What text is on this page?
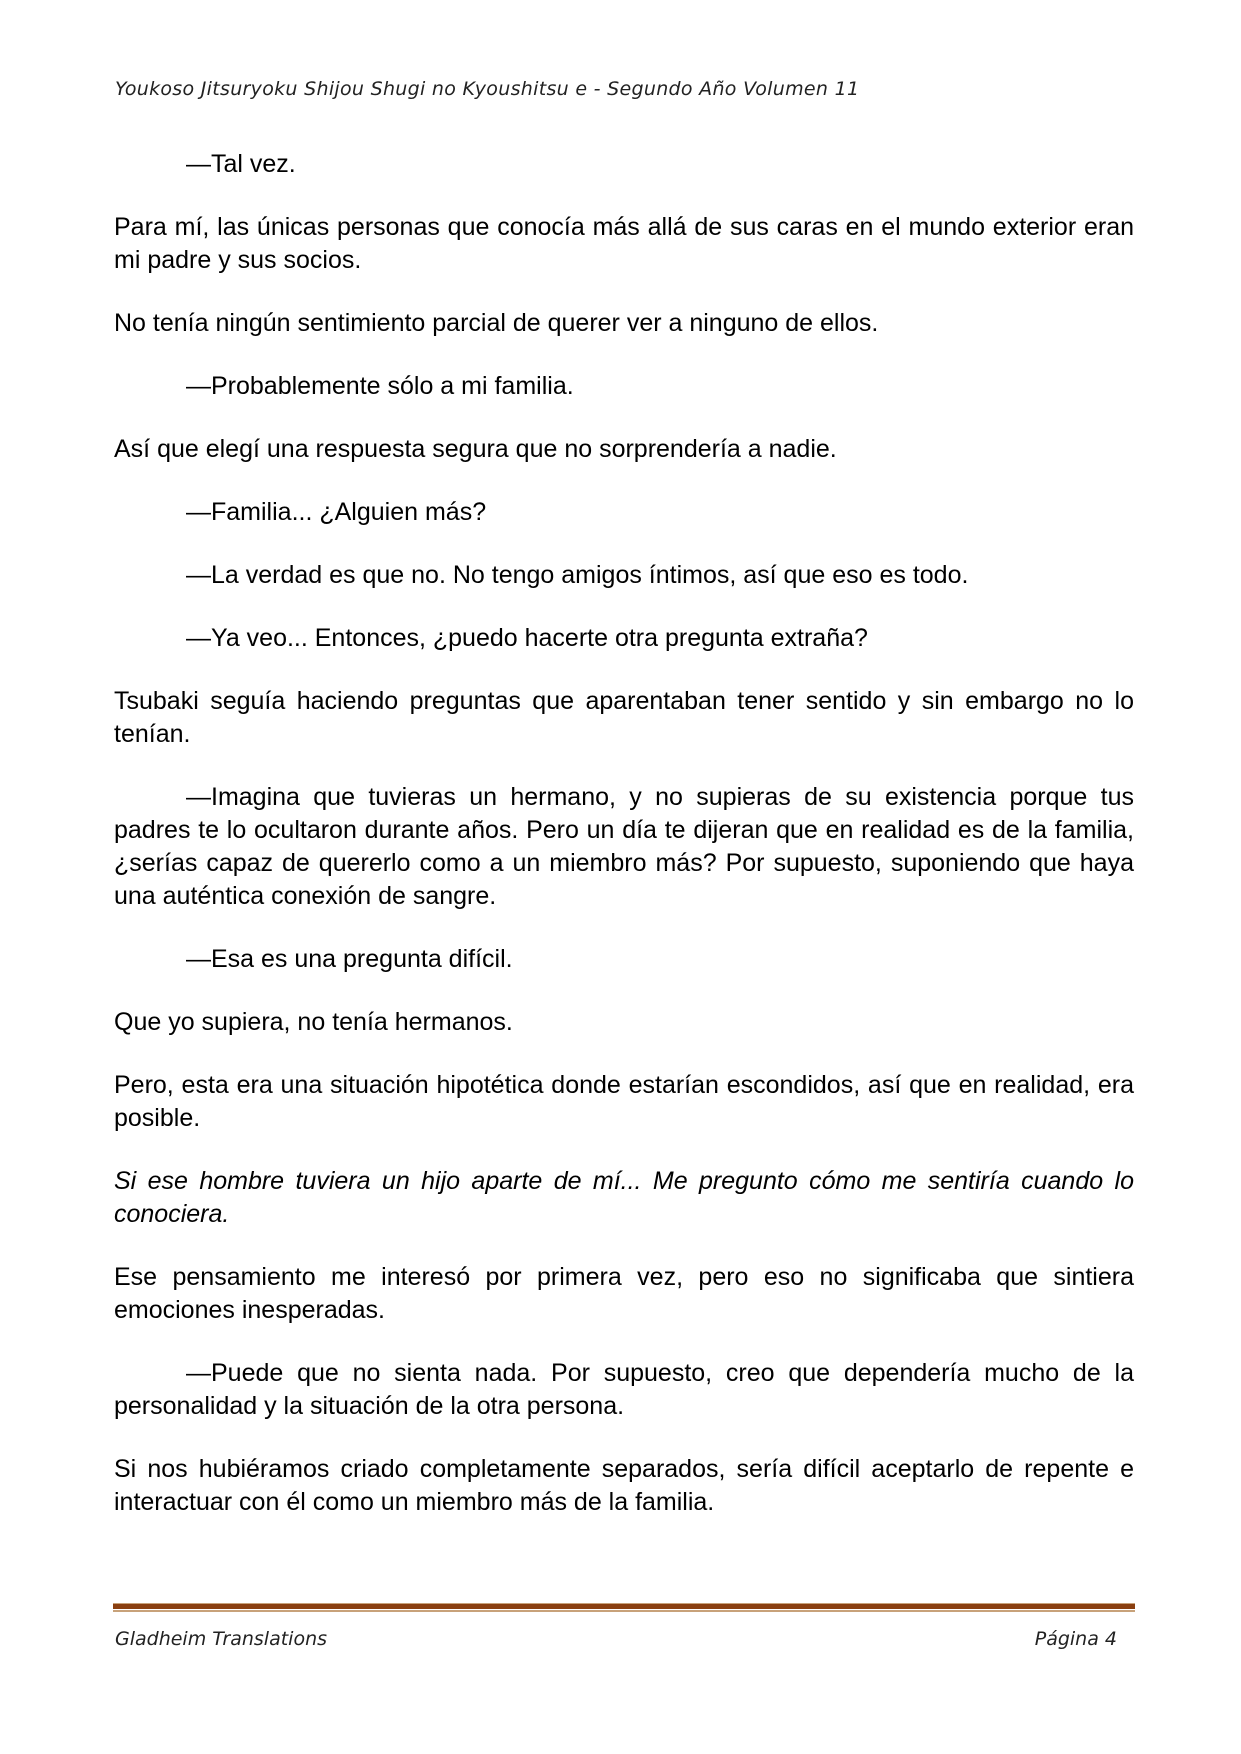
Youkoso Jitsuryoku Shijou Shugi no Kyoushitsu e - Segundo Año Volumen 11

—Tal vez.

Para mí, las únicas personas que conocía más allá de sus caras en el mundo exterior eran mi padre y sus socios.

No tenía ningún sentimiento parcial de querer ver a ninguno de ellos.

—Probablemente sólo a mi familia.

Así que elegí una respuesta segura que no sorprendería a nadie.

—Familia... ¿Alguien más?

—La verdad es que no. No tengo amigos íntimos, así que eso es todo.

—Ya veo... Entonces, ¿puedo hacerte otra pregunta extraña?

Tsubaki seguía haciendo preguntas que aparentaban tener sentido y sin embargo no lo tenían.

—Imagina que tuvieras un hermano, y no supieras de su existencia porque tus padres te lo ocultaron durante años. Pero un día te dijeran que en realidad es de la familia, ¿serías capaz de quererlo como a un miembro más? Por supuesto, suponiendo que haya una auténtica conexión de sangre.

—Esa es una pregunta difícil.

Que yo supiera, no tenía hermanos.

Pero, esta era una situación hipotética donde estarían escondidos, así que en realidad, era posible.

Si ese hombre tuviera un hijo aparte de mí... Me pregunto cómo me sentiría cuando lo conociera.

Ese pensamiento me interesó por primera vez, pero eso no significaba que sintiera emociones inesperadas.

—Puede que no sienta nada. Por supuesto, creo que dependería mucho de la personalidad y la situación de la otra persona.

Si nos hubiéramos criado completamente separados, sería difícil aceptarlo de repente e interactuar con él como un miembro más de la familia.

Gladheim Translations	Página 4
